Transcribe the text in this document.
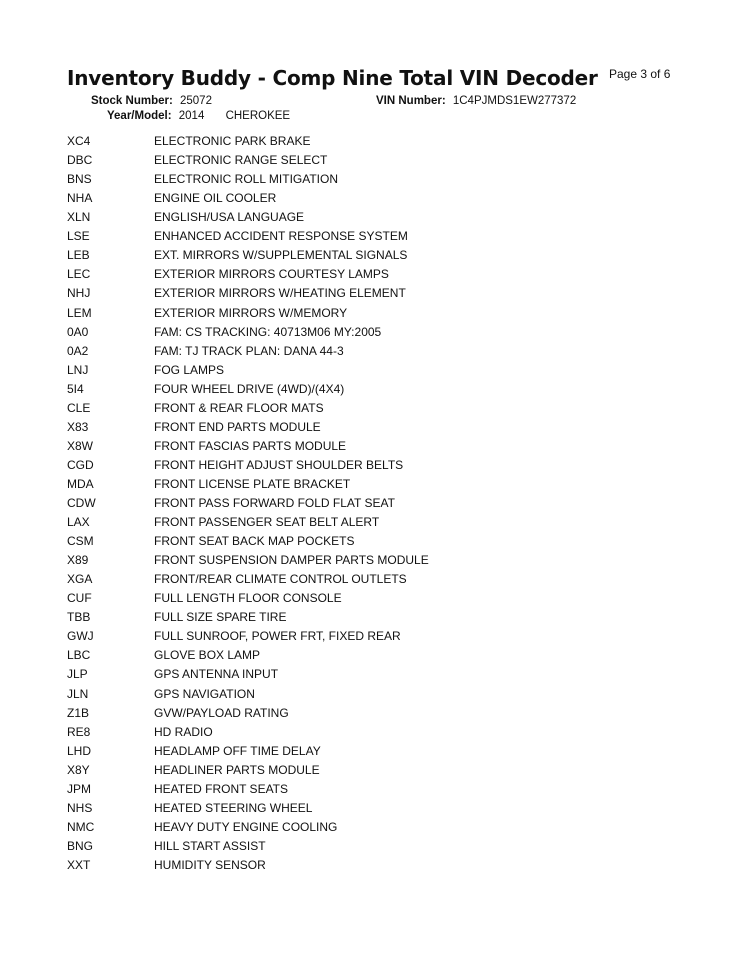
Inventory Buddy - Comp Nine Total VIN Decoder Page 3 of 6
Stock Number: 25072	VIN Number: 1C4PJMDS1EW277372
Year/Model: 2014 CHEROKEE
XC4	ELECTRONIC PARK BRAKE
DBC	ELECTRONIC RANGE SELECT
BNS	ELECTRONIC ROLL MITIGATION
NHA	ENGINE OIL COOLER
XLN	ENGLISH/USA LANGUAGE
LSE	ENHANCED ACCIDENT RESPONSE SYSTEM
LEB	EXT. MIRRORS W/SUPPLEMENTAL SIGNALS
LEC	EXTERIOR MIRRORS COURTESY LAMPS
NHJ	EXTERIOR MIRRORS W/HEATING ELEMENT
LEM	EXTERIOR MIRRORS W/MEMORY
0A0	FAM: CS TRACKING: 40713M06 MY:2005
0A2	FAM: TJ TRACK PLAN: DANA 44-3
LNJ	FOG LAMPS
5I4	FOUR WHEEL DRIVE (4WD)/(4X4)
CLE	FRONT & REAR FLOOR MATS
X83	FRONT END PARTS MODULE
X8W	FRONT FASCIAS PARTS MODULE
CGD	FRONT HEIGHT ADJUST SHOULDER BELTS
MDA	FRONT LICENSE PLATE BRACKET
CDW	FRONT PASS FORWARD FOLD FLAT SEAT
LAX	FRONT PASSENGER SEAT BELT ALERT
CSM	FRONT SEAT BACK MAP POCKETS
X89	FRONT SUSPENSION DAMPER PARTS MODULE
XGA	FRONT/REAR CLIMATE CONTROL OUTLETS
CUF	FULL LENGTH FLOOR CONSOLE
TBB	FULL SIZE SPARE TIRE
GWJ	FULL SUNROOF, POWER FRT, FIXED REAR
LBC	GLOVE BOX LAMP
JLP	GPS ANTENNA INPUT
JLN	GPS NAVIGATION
Z1B	GVW/PAYLOAD RATING
RE8	HD RADIO
LHD	HEADLAMP OFF TIME DELAY
X8Y	HEADLINER PARTS MODULE
JPM	HEATED FRONT SEATS
NHS	HEATED STEERING WHEEL
NMC	HEAVY DUTY ENGINE COOLING
BNG	HILL START ASSIST
XXT	HUMIDITY SENSOR
